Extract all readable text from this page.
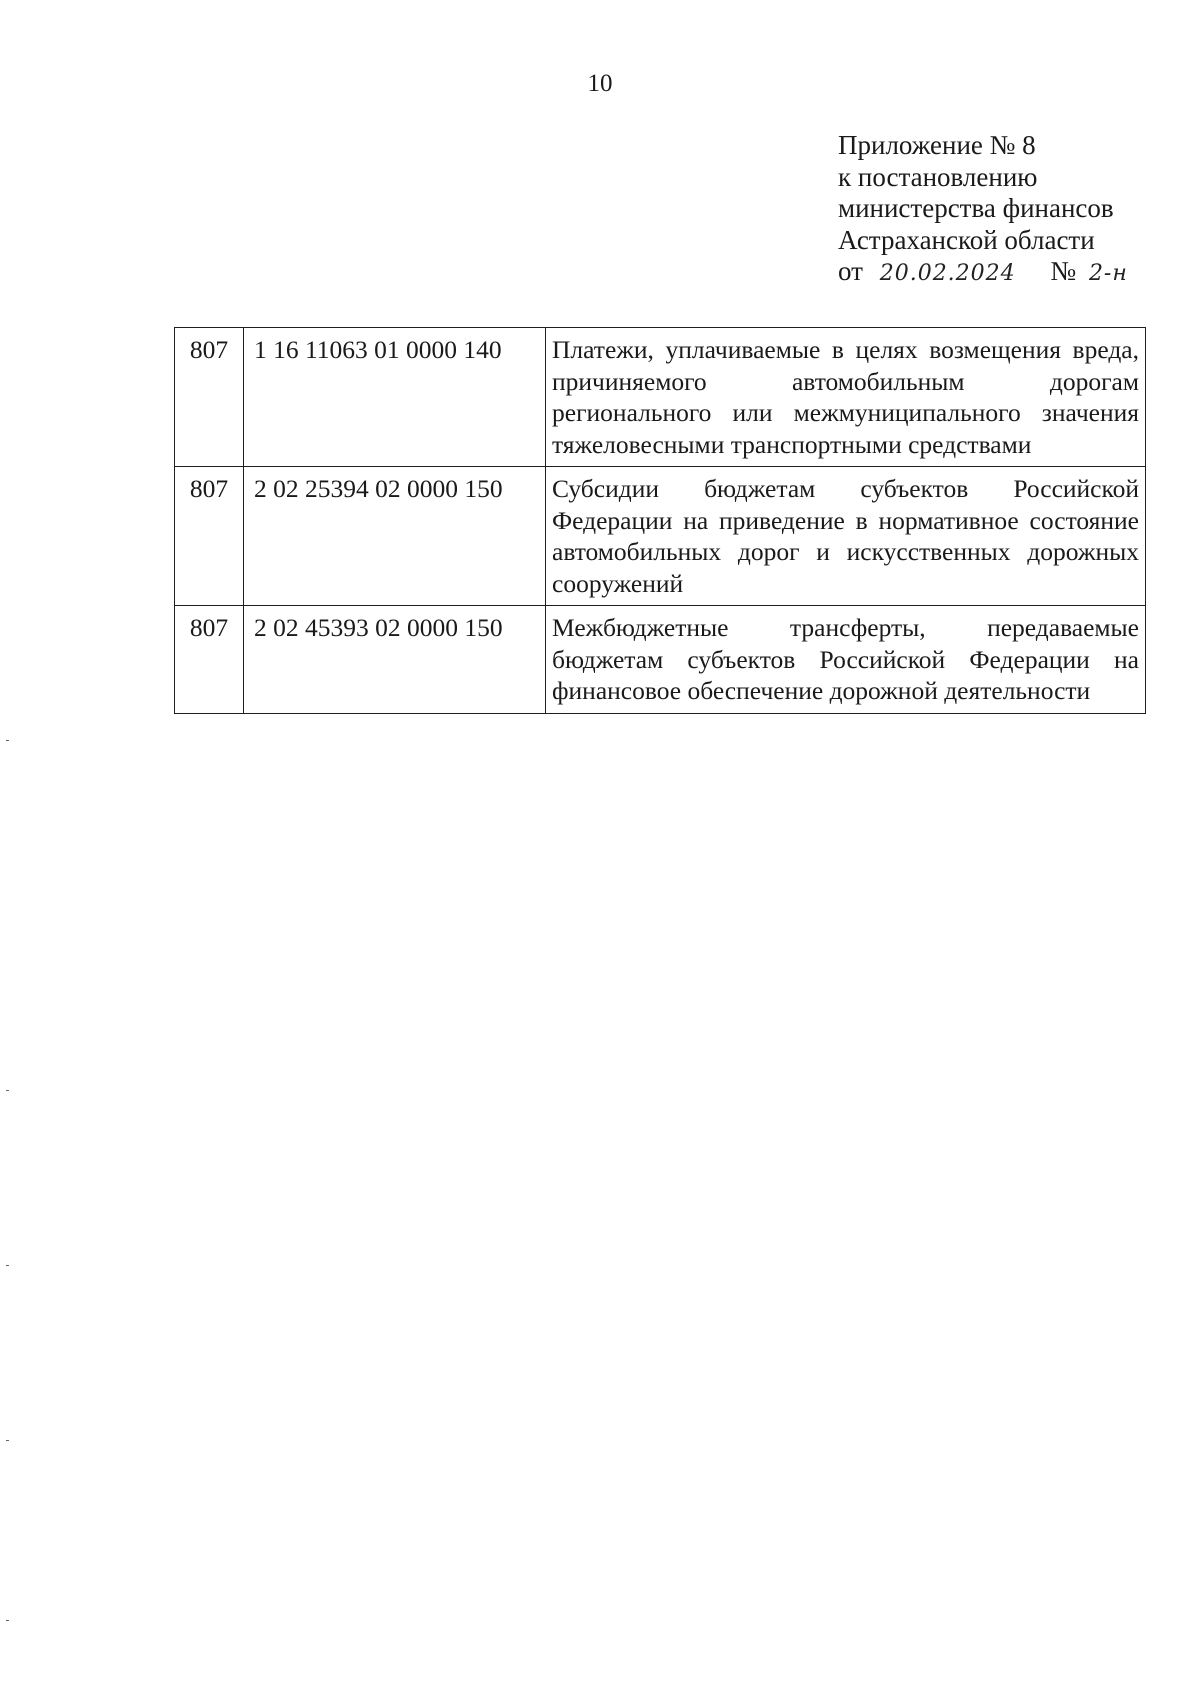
10
Приложение № 8
к постановлению
министерства финансов
Астраханской области
от 20.02.2024 № 2-н
807	1 16 11063 01 0000 140	Платежи, уплачиваемые в целях возмещения вреда, причиняемого автомобильным дорогам регионального или межмуниципального значения тяжеловесными транспортными средствами
807	2 02 25394 02 0000 150	Субсидии бюджетам субъектов Российской Федерации на приведение в нормативное состояние автомобильных дорог и искусственных дорожных сооружений
807	2 02 45393 02 0000 150	Межбюджетные трансферты, передаваемые бюджетам субъектов Российской Федерации на финансовое обеспечение дорожной деятельности
